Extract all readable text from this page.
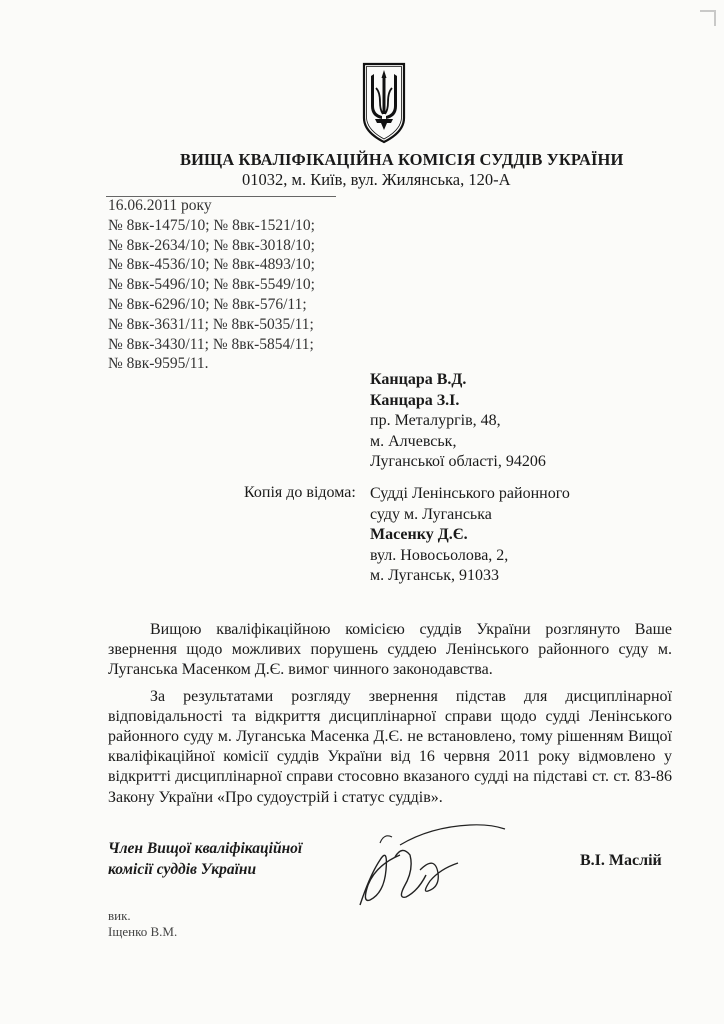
ВИЩА КВАЛІФІКАЦІЙНА КОМІСІЯ СУДДІВ УКРАЇНИ
01032, м. Київ, вул. Жилянська, 120-А
16.06.2011 року
№ 8вк-1475/10; № 8вк-1521/10;
№ 8вк-2634/10; № 8вк-3018/10;
№ 8вк-4536/10; № 8вк-4893/10;
№ 8вк-5496/10; № 8вк-5549/10;
№ 8вк-6296/10; № 8вк-576/11;
№ 8вк-3631/11; № 8вк-5035/11;
№ 8вк-3430/11; № 8вк-5854/11;
№ 8вк-9595/11.
Канцара В.Д.
Канцара З.І.
пр. Металургів, 48,
м. Алчевськ,
Луганської області, 94206
Копія до відома: Судді Ленінського районного
суду м. Луганська
Масенку Д.Є.
вул. Новосьолова, 2,
м. Луганськ, 91033

Вищою кваліфікаційною комісією суддів України розглянуто Ваше звернення щодо можливих порушень суддею Ленінського районного суду м. Луганська Масенком Д.Є. вимог чинного законодавства.

За результатами розгляду звернення підстав для дисциплінарної відповідальності та відкриття дисциплінарної справи щодо судді Ленінського районного суду м. Луганська Масенка Д.Є. не встановлено, тому рішенням Вищої кваліфікаційної комісії суддів України від 16 червня 2011 року відмовлено у відкритті дисциплінарної справи стосовно вказаного судді на підставі ст. ст. 83-86 Закону України «Про судоустрій і статус суддів».

Член Вищої кваліфікаційної
комісії суддів України
В.І. Маслій
вик.
Іщенко В.М.
